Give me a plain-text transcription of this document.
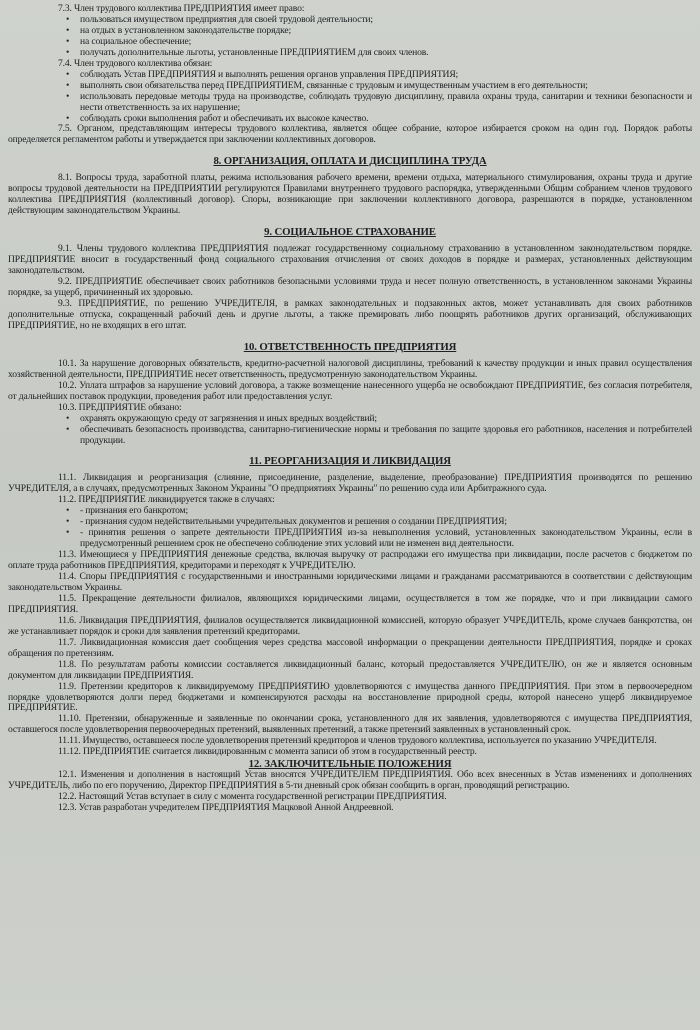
7.3. Член трудового коллектива ПРЕДПРИЯТИЯ имеет право:

• пользоваться имуществом предприятия для своей трудовой деятельности;

• на отдых в установленном законодательстве порядке;

• на социальное обеспечение;

• получать дополнительные льготы, установленные ПРЕДПРИЯТИЕМ для своих членов.

7.4. Член трудового коллектива обязан:

• соблюдать Устав ПРЕДПРИЯТИЯ и выполнять решения органов управления ПРЕДПРИЯТИЯ;

• выполнять свои обязательства перед ПРЕДПРИЯТИЕМ, связанные с трудовым и имущественным участием в его деятельности;

• использовать передовые методы труда на производстве, соблюдать трудовую дисциплину, правила охраны труда, санитарии и техники безопасности и нести ответственность за их нарушение;

• соблюдать сроки выполнения работ и обеспечивать их высокое качество.

7.5. Органом, представляющим интересы трудового коллектива, является общее собрание, которое избирается сроком на один год. Порядок работы определяется регламентом работы и утверждается при заключении коллективных договоров.

8. ОРГАНИЗАЦИЯ, ОПЛАТА И ДИСЦИПЛИНА ТРУДА

8.1. Вопросы труда, заработной платы, режима использования рабочего времени, времени отдыха, материального стимулирования, охраны труда и другие вопросы трудовой деятельности на ПРЕДПРИЯТИИ регулируются Правилами внутреннего трудового распорядка, утвержденными Общим собранием членов трудового коллектива ПРЕДПРИЯТИЯ (коллективный договор). Споры, возникающие при заключении коллективного договора, разрешаются в порядке, установленном действующим законодательством Украины.

9. СОЦИАЛЬНОЕ СТРАХОВАНИЕ

9.1. Члены трудового коллектива ПРЕДПРИЯТИЯ подлежат государственному социальному страхованию в установленном законодательством порядке. ПРЕДПРИЯТИЕ вносит в государственный фонд социального страхования отчисления от своих доходов в порядке и размерах, установленных действующим законодательством.

9.2. ПРЕДПРИЯТИЕ обеспечивает своих работников безопасными условиями труда и несет полную ответственность, в установленном законами Украины порядке, за ущерб, причиненный их здоровью.

9.3. ПРЕДПРИЯТИЕ, по решению УЧРЕДИТЕЛЯ, в рамках законодательных и подзаконных актов, может устанавливать для своих работников дополнительные отпуска, сокращенный рабочий день и другие льготы, а также премировать либо поощрять работников других организаций, обслуживающих ПРЕДПРИЯТИЕ, но не входящих в его штат.

10. ОТВЕТСТВЕННОСТЬ ПРЕДПРИЯТИЯ

10.1. За нарушение договорных обязательств, кредитно-расчетной налоговой дисциплины, требований к качеству продукции и иных правил осуществления хозяйственной деятельности, ПРЕДПРИЯТИЕ несет ответственность, предусмотренную законодательством Украины.

10.2. Уплата штрафов за нарушение условий договора, а также возмещение нанесенного ущерба не освобождают ПРЕДПРИЯТИЕ, без согласия потребителя, от дальнейших поставок продукции, проведения работ или предоставления услуг.

10.3. ПРЕДПРИЯТИЕ обязано:

• охранять окружающую среду от загрязнения и иных вредных воздействий;

• обеспечивать безопасность производства, санитарно-гигиенические нормы и требования по защите здоровья его работников, населения и потребителей продукции.

11. РЕОРГАНИЗАЦИЯ И ЛИКВИДАЦИЯ

11.1. Ликвидация и реорганизация (слияние, присоединение, разделение, выделение, преобразование) ПРЕДПРИЯТИЯ производятся по решению УЧРЕДИТЕЛЯ, а в случаях, предусмотренных Законом Украины "О предприятиях Украины" по решению суда или Арбитражного суда.

11.2. ПРЕДПРИЯТИЕ ликвидируется также в случаях:

• - признания его банкротом;

• - признания судом недействительными учредительных документов и решения о создании ПРЕДПРИЯТИЯ;

• - принятия решения о запрете деятельности ПРЕДПРИЯТИЯ из-за невыполнения условий, установленных законодательством Украины, если в предусмотренный решением срок не обеспечено соблюдение этих условий или не изменен вид деятельности.

11.3. Имеющиеся у ПРЕДПРИЯТИЯ денежные средства, включая выручку от распродажи его имущества при ликвидации, после расчетов с бюджетом по оплате труда работников ПРЕДПРИЯТИЯ, кредиторами и переходят к УЧРЕДИТЕЛЮ.

11.4. Споры ПРЕДПРИЯТИЯ с государственными и иностранными юридическими лицами и гражданами рассматриваются в соответствии с действующим законодательством Украины.

11.5. Прекращение деятельности филиалов, являющихся юридическими лицами, осуществляется в том же порядке, что и при ликвидации самого ПРЕДПРИЯТИЯ.

11.6. Ликвидация ПРЕДПРИЯТИЯ, филиалов осуществляется ликвидационной комиссией, которую образует УЧРЕДИТЕЛЬ, кроме случаев банкротства, он же устанавливает порядок и сроки для заявления претензий кредиторами.

11.7. Ликвидационная комиссия дает сообщения через средства массовой информации о прекращении деятельности ПРЕДПРИЯТИЯ, порядке и сроках обращения по претензиям.

11.8. По результатам работы комиссии составляется ликвидационный баланс, который предоставляется УЧРЕДИТЕЛЮ, он же и является основным документом для ликвидации ПРЕДПРИЯТИЯ.

11.9. Претензии кредиторов к ликвидируемому ПРЕДПРИЯТИЮ удовлетворяются с имущества данного ПРЕДПРИЯТИЯ. При этом в первоочередном порядке удовлетворяются долги перед бюджетами и компенсируются расходы на восстановление природной среды, которой нанесено ущерб ликвидируемое ПРЕДПРИЯТИЕ.

11.10. Претензии, обнаруженные и заявленные по окончании срока, установленного для их заявления, удовлетворяются с имущества ПРЕДПРИЯТИЯ, оставшегося после удовлетворения первоочередных претензий, выявленных претензий, а также претензий заявленных в установленный срок.

11.11. Имущество, оставшееся после удовлетворения претензий кредиторов и членов трудового коллектива, используется по указанию УЧРЕДИТЕЛЯ.

11.12. ПРЕДПРИЯТИЕ считается ликвидированным с момента записи об этом в государственный реестр.

12. ЗАКЛЮЧИТЕЛЬНЫЕ ПОЛОЖЕНИЯ

12.1. Изменения и дополнения в настоящий Устав вносятся УЧРЕДИТЕЛЕМ ПРЕДПРИЯТИЯ. Обо всех внесенных в Устав изменениях и дополнениях УЧРЕДИТЕЛЬ, либо по его поручению, Директор ПРЕДПРИЯТИЯ в 5-ти дневный срок обязан сообщить в орган, проводящий регистрацию.

12.2. Настоящий Устав вступает в силу с момента государственной регистрации ПРЕДПРИЯТИЯ.

12.3. Устав разработан учредителем ПРЕДПРИЯТИЯ Мацковой Анной Андреевной.
